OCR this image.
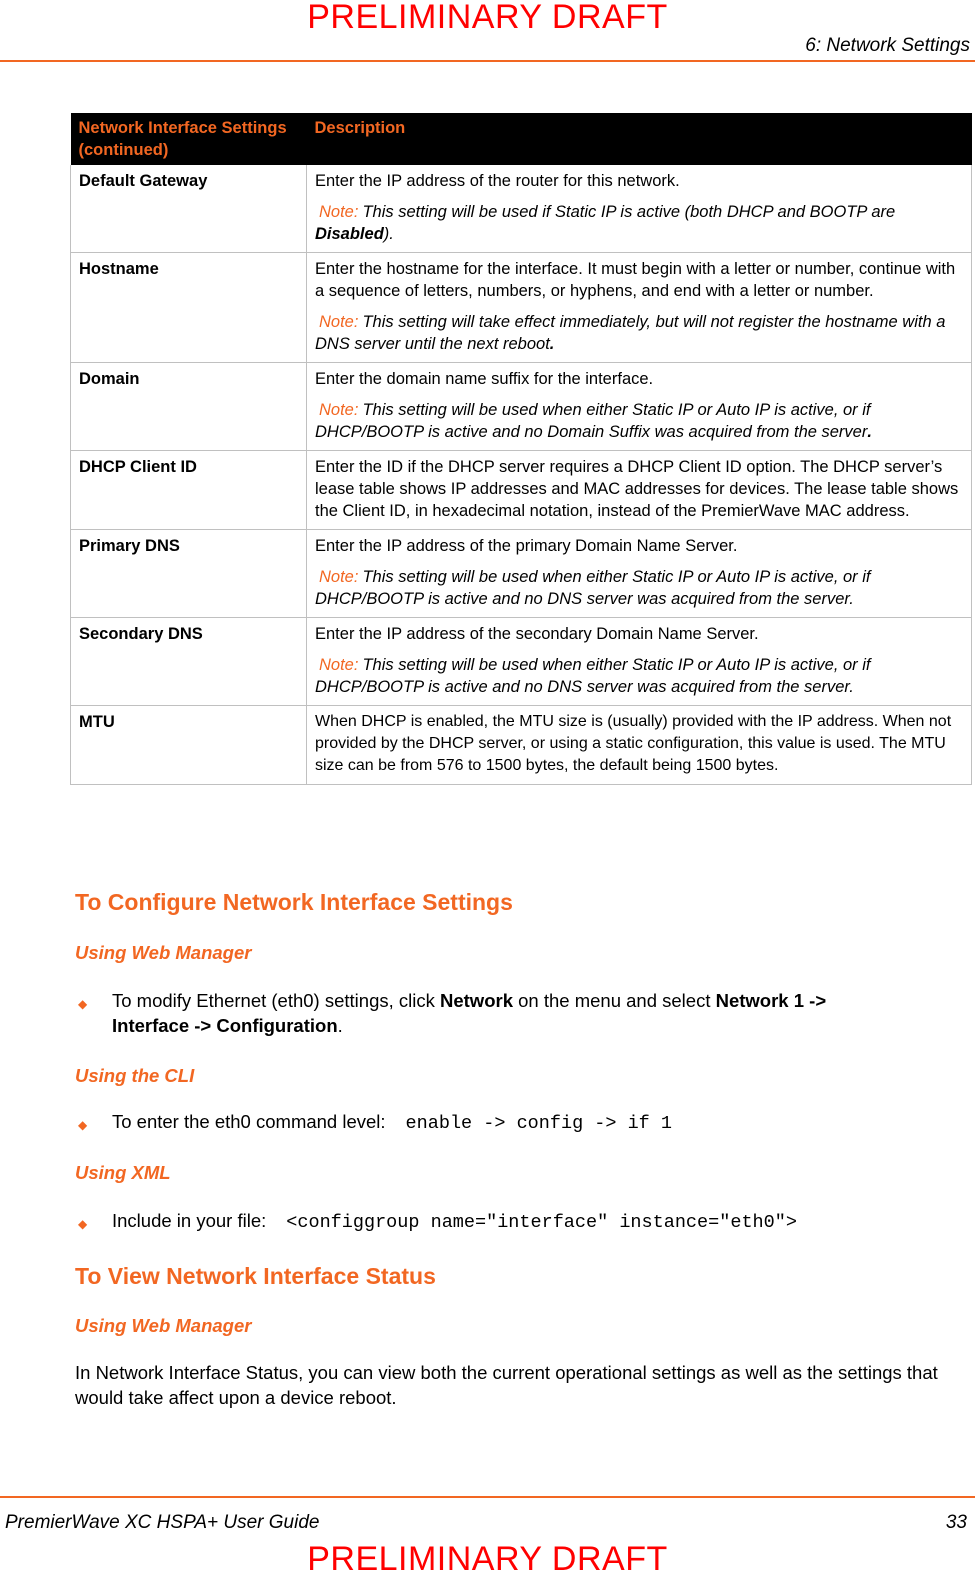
PRELIMINARY DRAFT
6: Network Settings
Network Interface Settings (continued)	Description
Default Gateway	Enter the IP address of the router for this network.
Note: This setting will be used if Static IP is active (both DHCP and BOOTP are Disabled).

Hostname	Enter the hostname for the interface. It must begin with a letter or number, continue with a sequence of letters, numbers, or hyphens, and end with a letter or number.
Note: This setting will take effect immediately, but will not register the hostname with a DNS server until the next reboot.

Domain	Enter the domain name suffix for the interface.
Note: This setting will be used when either Static IP or Auto IP is active, or if DHCP/BOOTP is active and no Domain Suffix was acquired from the server.

DHCP Client ID	Enter the ID if the DHCP server requires a DHCP Client ID option. The DHCP server’s lease table shows IP addresses and MAC addresses for devices. The lease table shows the Client ID, in hexadecimal notation, instead of the PremierWave MAC address.

Primary DNS	Enter the IP address of the primary Domain Name Server.
Note: This setting will be used when either Static IP or Auto IP is active, or if DHCP/BOOTP is active and no DNS server was acquired from the server.

Secondary DNS	Enter the IP address of the secondary Domain Name Server.
Note: This setting will be used when either Static IP or Auto IP is active, or if DHCP/BOOTP is active and no DNS server was acquired from the server.

MTU	When DHCP is enabled, the MTU size is (usually) provided with the IP address. When not provided by the DHCP server, or using a static configuration, this value is used. The MTU size can be from 576 to 1500 bytes, the default being 1500 bytes.
To Configure Network Interface Settings
Using Web Manager
◆ To modify Ethernet (eth0) settings, click Network on the menu and select Network 1 ->
Interface -> Configuration.
Using the CLI
◆ To enter the eth0 command level: enable -> config -> if 1
Using XML
◆ Include in your file: <configgroup name="interface" instance="eth0">
To View Network Interface Status
Using Web Manager
In Network Interface Status, you can view both the current operational settings as well as the settings that would take affect upon a device reboot.
PremierWave XC HSPA+ User Guide	33
PRELIMINARY DRAFT
